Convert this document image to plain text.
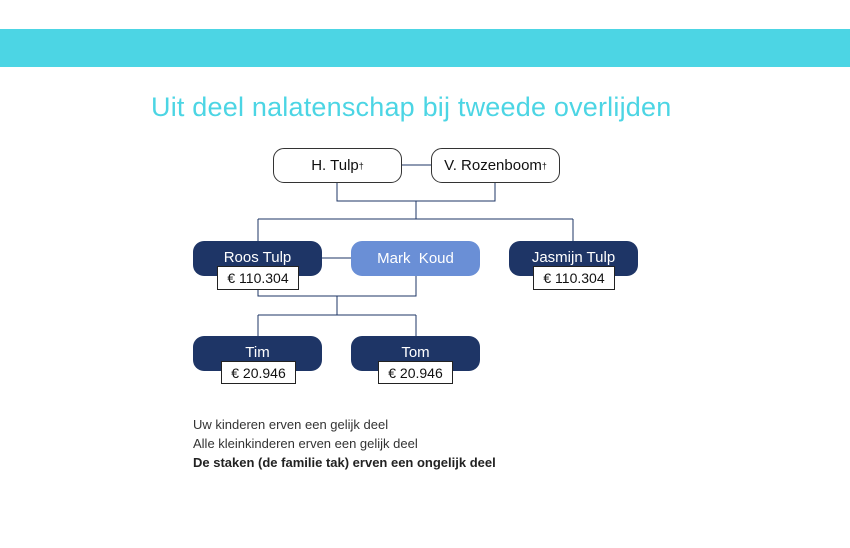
Uit deel nalatenschap bij tweede overlijden
H. Tulp †	V. Rozenboom †
Roos Tulp
€ 110.304
Mark  Koud	Jasmijn Tulp
€ 110.304
Tim
€ 20.946
Tom
€ 20.946
Uw kinderen erven een gelijk deel
Alle kleinkinderen erven een gelijk deel
De staken (de familie tak) erven een ongelijk deel
